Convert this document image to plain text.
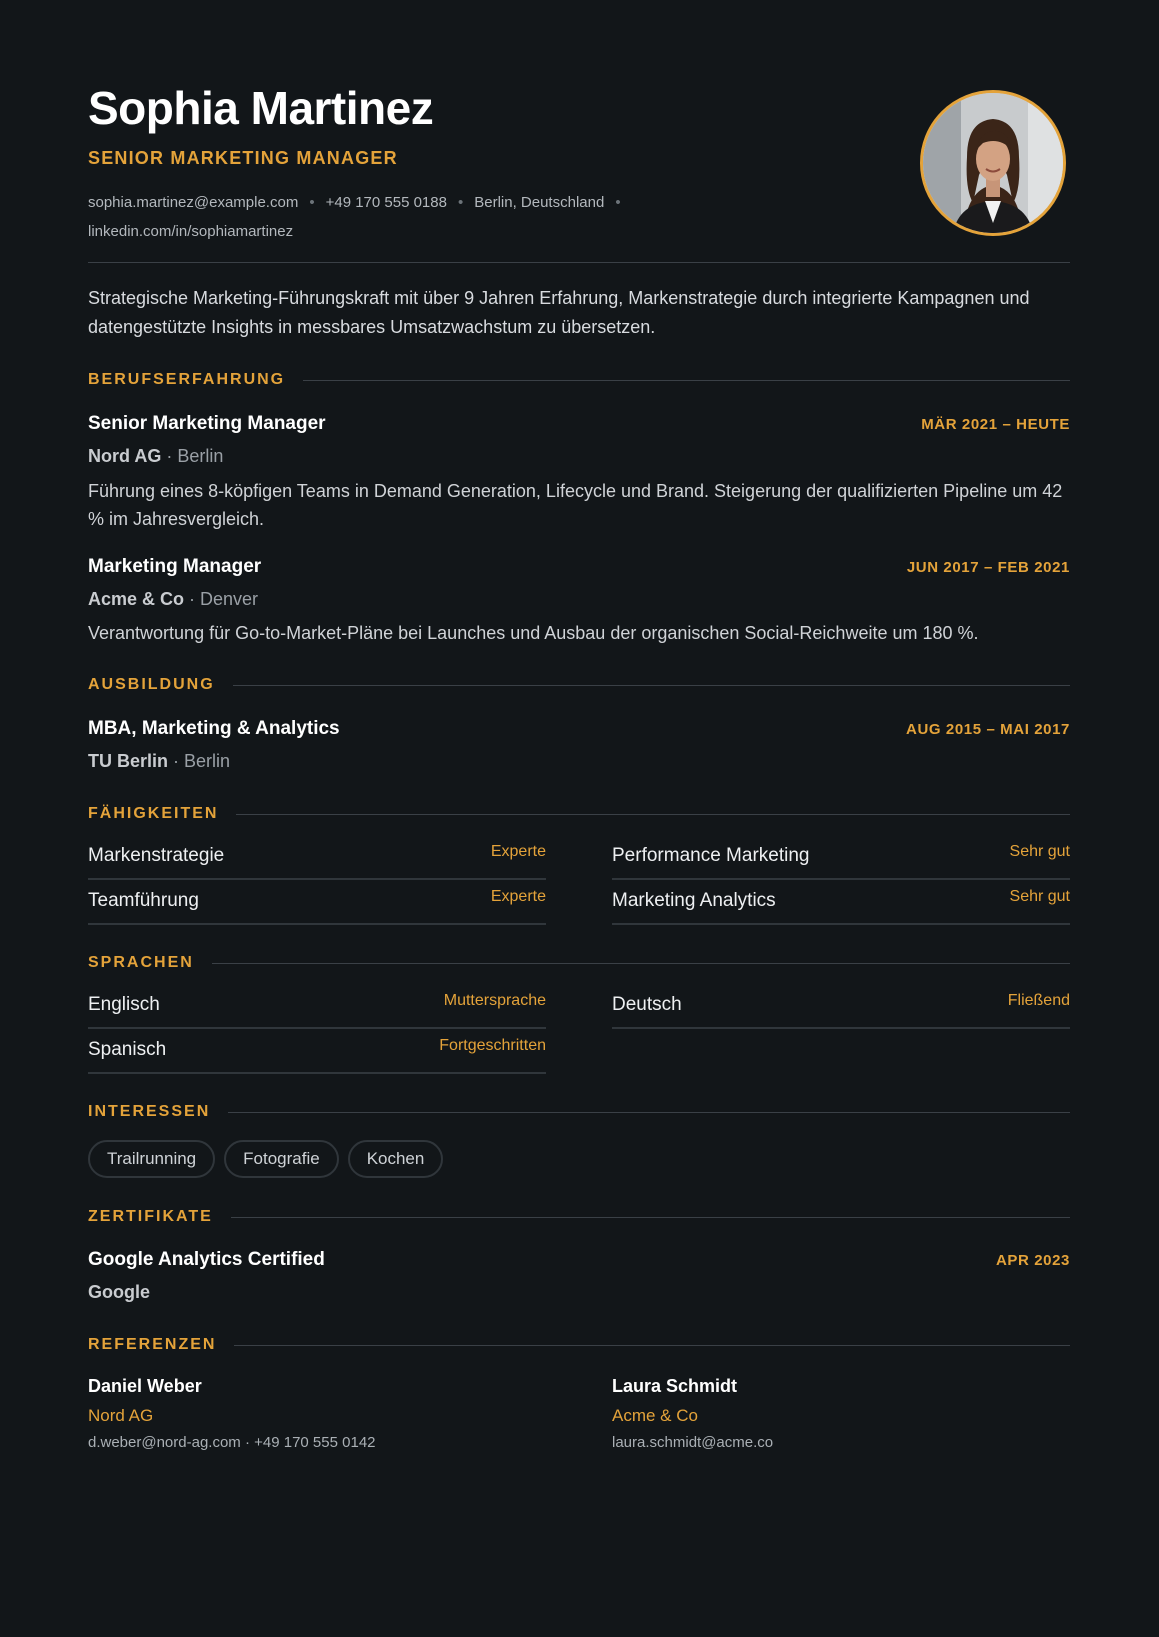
Sophia Martinez
SENIOR MARKETING MANAGER
sophia.martinez@example.com • +49 170 555 0188 • Berlin, Deutschland •
linkedin.com/in/sophiamartinez
Strategische Marketing-Führungskraft mit über 9 Jahren Erfahrung, Markenstrategie durch integrierte Kampagnen und datengestützte Insights in messbares Umsatzwachstum zu übersetzen.
BERUFSERFAHRUNG
Senior Marketing Manager	MÄR 2021 – HEUTE
Nord AG · Berlin
Führung eines 8-köpfigen Teams in Demand Generation, Lifecycle und Brand. Steigerung der qualifizierten Pipeline um 42 % im Jahresvergleich.
Marketing Manager	JUN 2017 – FEB 2021
Acme & Co · Denver
Verantwortung für Go-to-Market-Pläne bei Launches und Ausbau der organischen Social-Reichweite um 180 %.
AUSBILDUNG
MBA, Marketing & Analytics	AUG 2015 – MAI 2017
TU Berlin · Berlin
FÄHIGKEITEN
Markenstrategie	Experte	Performance Marketing	Sehr gut
Teamführung	Experte	Marketing Analytics	Sehr gut
SPRACHEN
Englisch	Muttersprache	Deutsch	Fließend
Spanisch	Fortgeschritten
INTERESSEN
Trailrunning	Fotografie	Kochen
ZERTIFIKATE
Google Analytics Certified	APR 2023
Google
REFERENZEN
Daniel Weber
Nord AG
d.weber@nord-ag.com · +49 170 555 0142
Laura Schmidt
Acme & Co
laura.schmidt@acme.co
